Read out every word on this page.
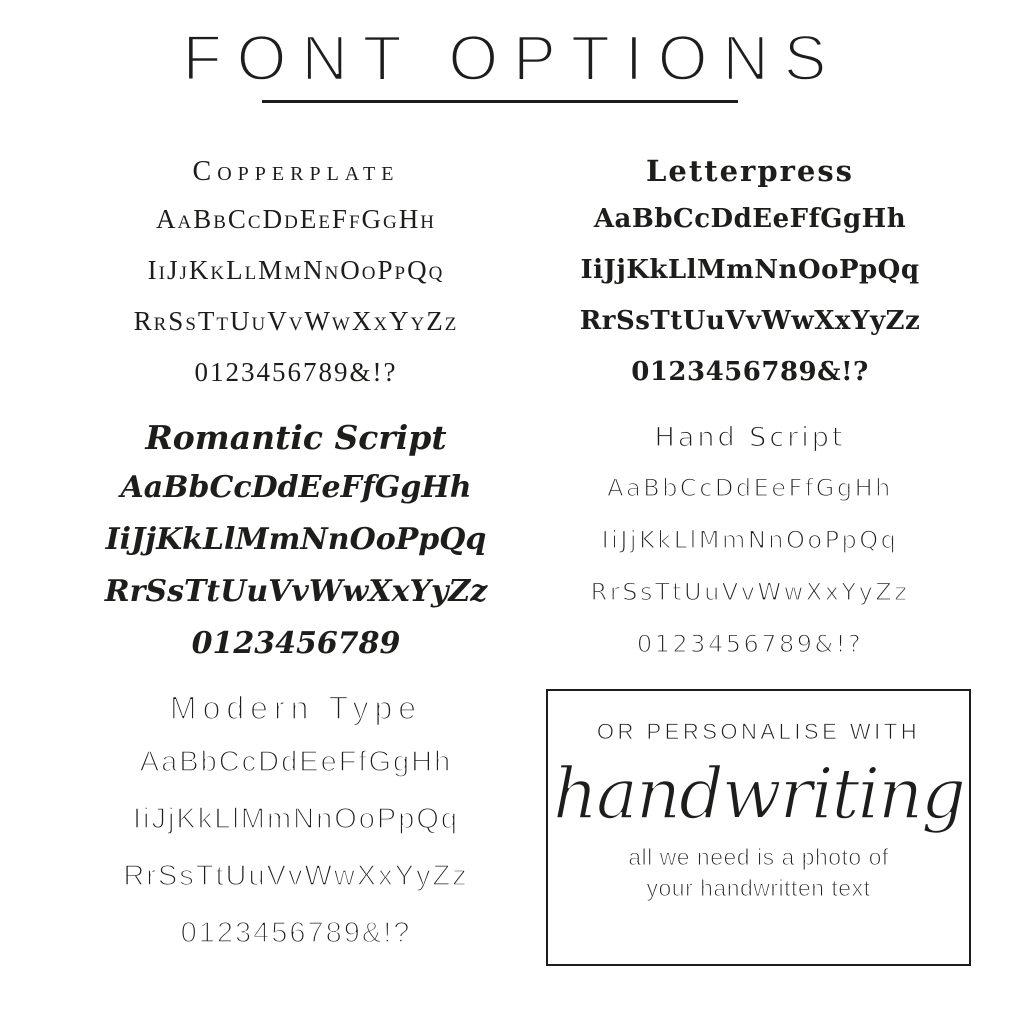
FONT OPTIONS
Copperplate
AaBbCcDdEeFfGgHh
IiJjKkLlMmNnOoPpQq
RrSsTtUuVvWwXxYyZz
0123456789&!?
Letterpress
AaBbCcDdEeFfGgHh
IiJjKkLlMmNnOoPpQq
RrSsTtUuVvWwXxYyZz
0123456789&!?
Romantic Script
AaBbCcDdEeFfGgHh
IiJjKkLlMmNnOoPpQq
RrSsTtUuVvWwXxYyZz
0123456789
Hand Script
AaBbCcDdEeFfGgHh
IiJjKkLlMmNnOoPpQq
RrSsTtUuVvWwXxYyZz
0123456789&!?
Modern Type
AaBbCcDdEeFfGgHh
IiJjKkLlMmNnOoPpQq
RrSsTtUuVvWwXxYyZz
0123456789&!?
OR PERSONALISE WITH
handwriting
all we need is a photo of
your handwritten text
